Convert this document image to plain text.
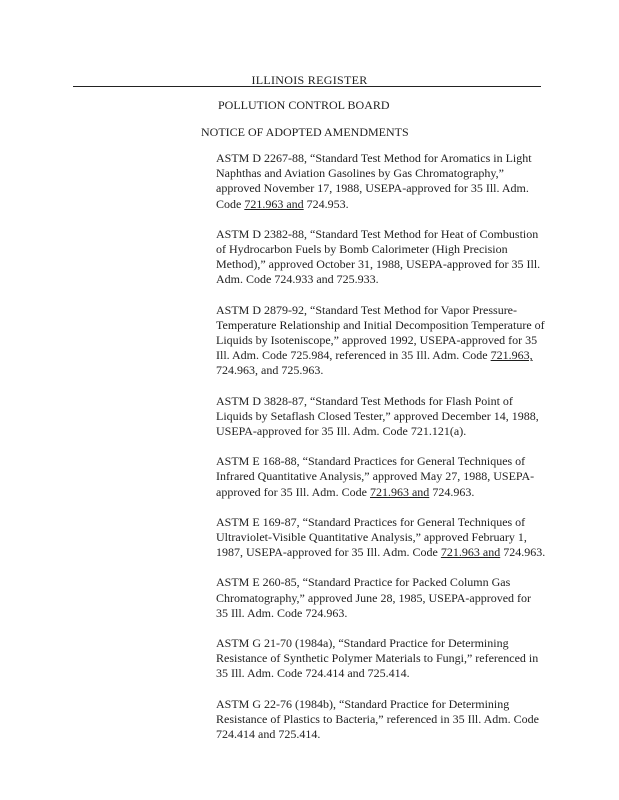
ILLINOIS REGISTER
POLLUTION CONTROL BOARD
NOTICE OF ADOPTED AMENDMENTS

ASTM D 2267-88, “Standard Test Method for Aromatics in Light Naphthas and Aviation Gasolines by Gas Chromatography,” approved November 17, 1988, USEPA-approved for 35 Ill. Adm. Code 721.963 and 724.953.

ASTM D 2382-88, “Standard Test Method for Heat of Combustion of Hydrocarbon Fuels by Bomb Calorimeter (High Precision Method),” approved October 31, 1988, USEPA-approved for 35 Ill. Adm. Code 724.933 and 725.933.

ASTM D 2879-92, “Standard Test Method for Vapor Pressure-Temperature Relationship and Initial Decomposition Temperature of Liquids by Isoteniscope,” approved 1992, USEPA-approved for 35 Ill. Adm. Code 725.984, referenced in 35 Ill. Adm. Code 721.963, 724.963, and 725.963.

ASTM D 3828-87, “Standard Test Methods for Flash Point of Liquids by Setaflash Closed Tester,” approved December 14, 1988, USEPA-approved for 35 Ill. Adm. Code 721.121(a).

ASTM E 168-88, “Standard Practices for General Techniques of Infrared Quantitative Analysis,” approved May 27, 1988, USEPA-approved for 35 Ill. Adm. Code 721.963 and 724.963.

ASTM E 169-87, “Standard Practices for General Techniques of Ultraviolet-Visible Quantitative Analysis,” approved February 1, 1987, USEPA-approved for 35 Ill. Adm. Code 721.963 and 724.963.

ASTM E 260-85, “Standard Practice for Packed Column Gas Chromatography,” approved June 28, 1985, USEPA-approved for 35 Ill. Adm. Code 724.963.

ASTM G 21-70 (1984a), “Standard Practice for Determining Resistance of Synthetic Polymer Materials to Fungi,” referenced in 35 Ill. Adm. Code 724.414 and 725.414.

ASTM G 22-76 (1984b), “Standard Practice for Determining Resistance of Plastics to Bacteria,” referenced in 35 Ill. Adm. Code 724.414 and 725.414.
